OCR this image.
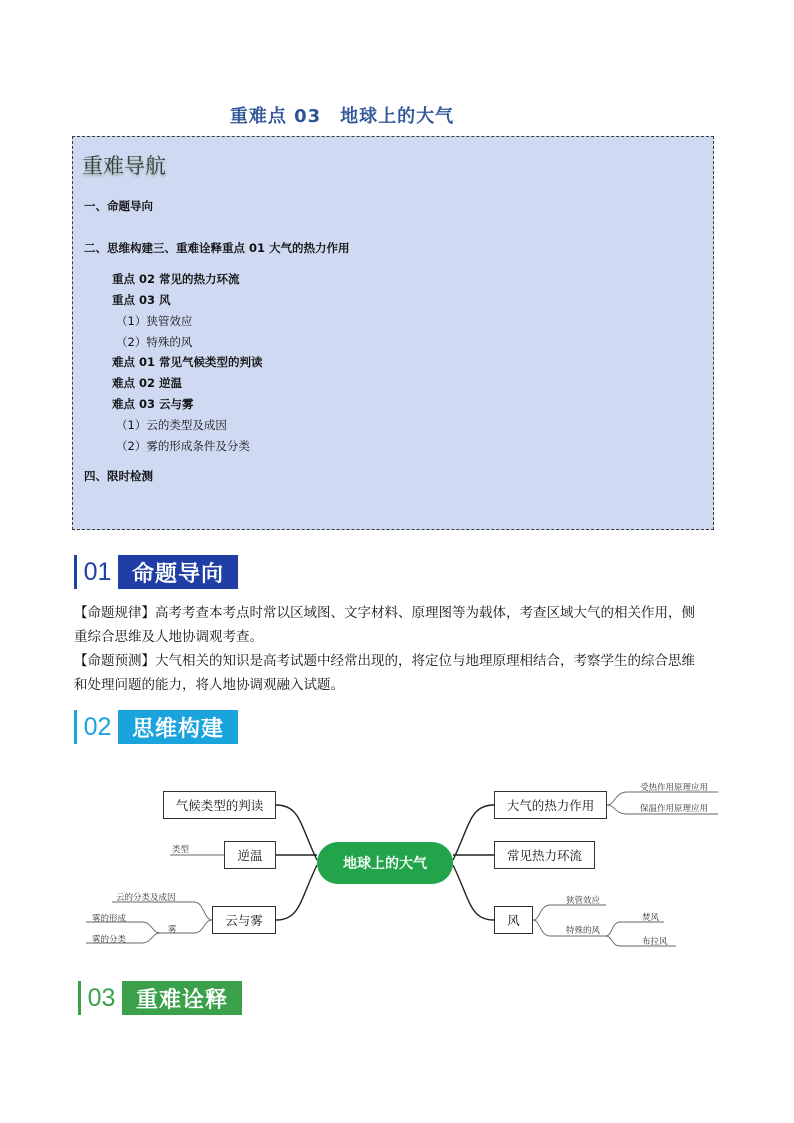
重难点 03　地球上的大气
重难导航
一、命题导向
二、思维构建三、重难诠释重点 01 大气的热力作用
重点 02 常见的热力环流
重点 03 风
（1）狭管效应
（2）特殊的风
难点 01 常见气候类型的判读
难点 02 逆温
难点 03 云与雾
（1）云的类型及成因
（2）雾的形成条件及分类
四、限时检测
01 命题导向
【命题规律】高考考查本考点时常以区域图、文字材料、原理图等为载体，考查区域大气的相关作用，侧
重综合思维及人地协调观考查。
【命题预测】大气相关的知识是高考试题中经常出现的，将定位与地理原理相结合，考察学生的综合思维
和处理问题的能力，将人地协调观融入试题。
02 思维构建
地球上的大气
大气的热力作用
常见热力环流
风
受热作用原理应用
保温作用原理应用
狭管效应
特殊的风
焚风
布拉风
气候类型的判读
逆温
云与雾
类型
云的分类及成因
雾
雾的形成
雾的分类
03 重难诠释
